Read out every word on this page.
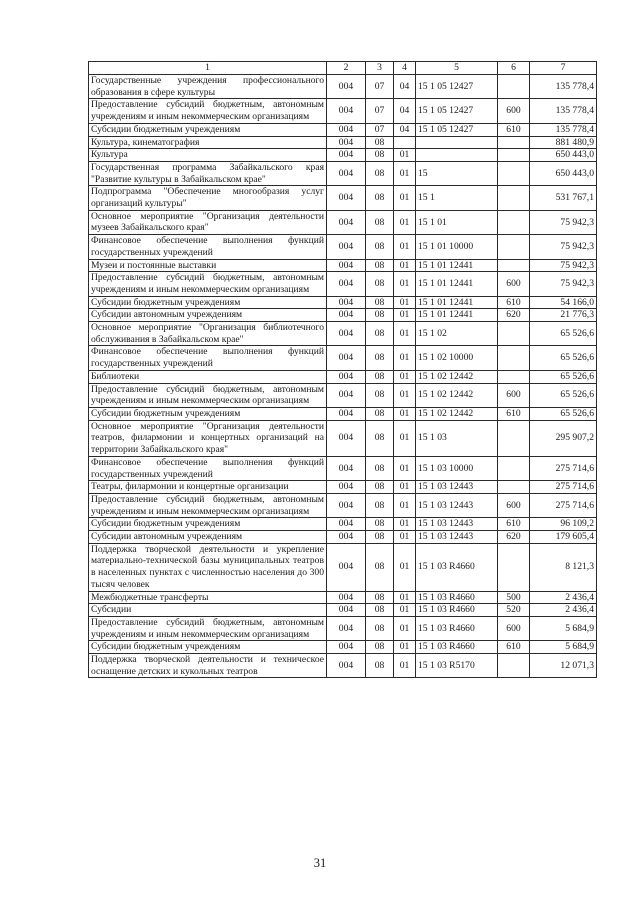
1	2	3	4	5	6	7
Государственные учреждения профессионального образования в сфере культуры	004	07	04	15 1 05 12427		135 778,4
Предоставление субсидий бюджетным, автономным учреждениям и иным некоммерческим организациям	004	07	04	15 1 05 12427	600	135 778,4
Субсидии бюджетным учреждениям	004	07	04	15 1 05 12427	610	135 778,4
Культура, кинематография	004	08				881 480,9
Культура	004	08	01			650 443,0
Государственная программа Забайкальского края "Развитие культуры в Забайкальском крае"	004	08	01	15		650 443,0
Подпрограмма "Обеспечение многообразия услуг организаций культуры"	004	08	01	15 1		531 767,1
Основное мероприятие "Организация деятельности музеев Забайкальского края"	004	08	01	15 1 01		75 942,3
Финансовое обеспечение выполнения функций государственных учреждений	004	08	01	15 1 01 10000		75 942,3
Музеи и постоянные выставки	004	08	01	15 1 01 12441		75 942,3
Предоставление субсидий бюджетным, автономным учреждениям и иным некоммерческим организациям	004	08	01	15 1 01 12441	600	75 942,3
Субсидии бюджетным учреждениям	004	08	01	15 1 01 12441	610	54 166,0
Субсидии автономным учреждениям	004	08	01	15 1 01 12441	620	21 776,3
Основное мероприятие "Организация библиотечного обслуживания в Забайкальском крае"	004	08	01	15 1 02		65 526,6
Финансовое обеспечение выполнения функций государственных учреждений	004	08	01	15 1 02 10000		65 526,6
Библиотеки	004	08	01	15 1 02 12442		65 526,6
Предоставление субсидий бюджетным, автономным учреждениям и иным некоммерческим организациям	004	08	01	15 1 02 12442	600	65 526,6
Субсидии бюджетным учреждениям	004	08	01	15 1 02 12442	610	65 526,6
Основное мероприятие "Организация деятельности театров, филармонии и концертных организаций на территории Забайкальского края"	004	08	01	15 1 03		295 907,2
Финансовое обеспечение выполнения функций государственных учреждений	004	08	01	15 1 03 10000		275 714,6
Театры, филармонии и концертные организации	004	08	01	15 1 03 12443		275 714,6
Предоставление субсидий бюджетным, автономным учреждениям и иным некоммерческим организациям	004	08	01	15 1 03 12443	600	275 714,6
Субсидии бюджетным учреждениям	004	08	01	15 1 03 12443	610	96 109,2
Субсидии автономным учреждениям	004	08	01	15 1 03 12443	620	179 605,4
Поддержка творческой деятельности и укрепление материально-технической базы муниципальных театров в населенных пунктах с численностью населения до 300 тысяч человек	004	08	01	15 1 03 R4660		8 121,3
Межбюджетные трансферты	004	08	01	15 1 03 R4660	500	2 436,4
Субсидии	004	08	01	15 1 03 R4660	520	2 436,4
Предоставление субсидий бюджетным, автономным учреждениям и иным некоммерческим организациям	004	08	01	15 1 03 R4660	600	5 684,9
Субсидии бюджетным учреждениям	004	08	01	15 1 03 R4660	610	5 684,9
Поддержка творческой деятельности и техническое оснащение детских и кукольных театров	004	08	01	15 1 03 R5170		12 071,3
31
